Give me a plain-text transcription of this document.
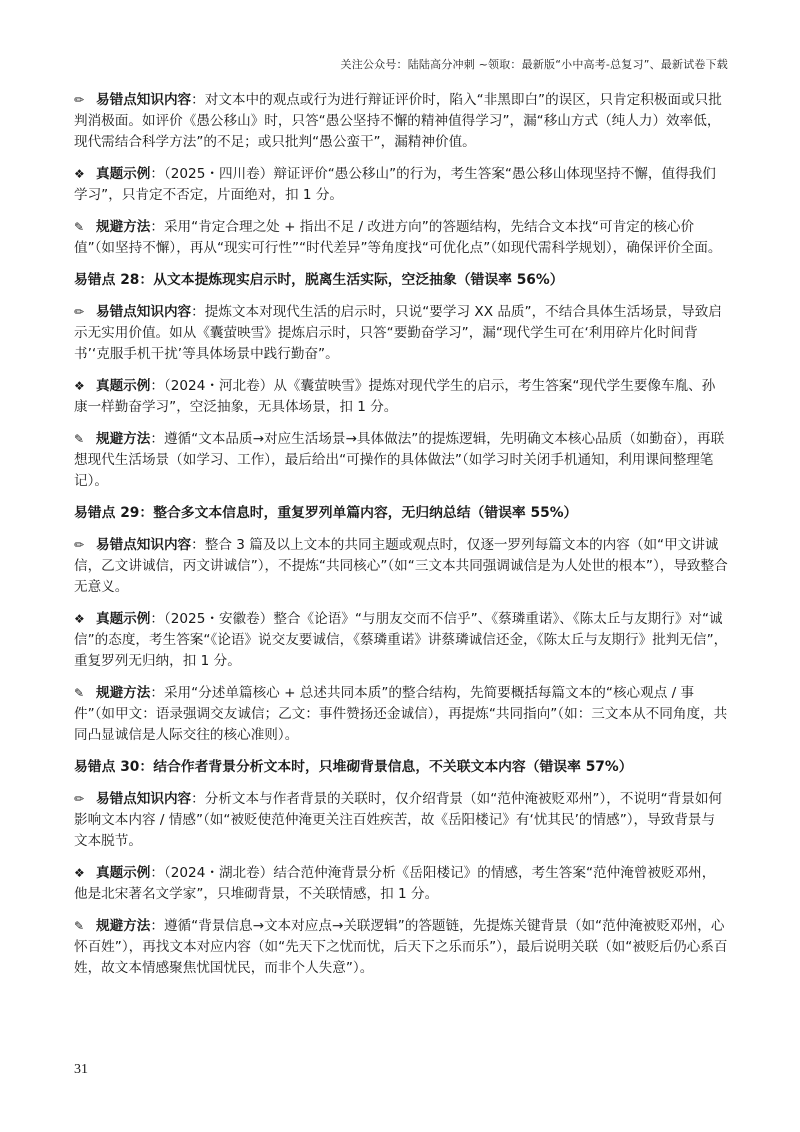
关注公众号：陆陆高分冲刺 ~领取：最新版“小中高考-总复习”、最新试卷下载

✏ 易错点知识内容：对文本中的观点或行为进行辩证评价时，陷入“非黑即白”的误区，只肯定积极面或只批判消极面。如评价《愚公移山》时，只答“愚公坚持不懈的精神值得学习”，漏“移山方式（纯人力）效率低，现代需结合科学方法”的不足；或只批判“愚公蛮干”，漏精神价值。

❖ 真题示例：（2025・四川卷）辩证评价“愚公移山”的行为，考生答案“愚公移山体现坚持不懈，值得我们学习”，只肯定不否定，片面绝对，扣 1 分。

✎ 规避方法：采用“肯定合理之处 + 指出不足 / 改进方向”的答题结构，先结合文本找“可肯定的核心价值”（如坚持不懈），再从“现实可行性”“时代差异”等角度找“可优化点”（如现代需科学规划），确保评价全面。

易错点 28：从文本提炼现实启示时，脱离生活实际，空泛抽象（错误率 56%）

✏ 易错点知识内容：提炼文本对现代生活的启示时，只说“要学习 XX 品质”，不结合具体生活场景，导致启示无实用价值。如从《囊萤映雪》提炼启示时，只答“要勤奋学习”，漏“现代学生可在‘利用碎片化时间背书’‘克服手机干扰’等具体场景中践行勤奋”。

❖ 真题示例：（2024・河北卷）从《囊萤映雪》提炼对现代学生的启示，考生答案“现代学生要像车胤、孙康一样勤奋学习”，空泛抽象，无具体场景，扣 1 分。

✎ 规避方法：遵循“文本品质→对应生活场景→具体做法”的提炼逻辑，先明确文本核心品质（如勤奋），再联想现代生活场景（如学习、工作），最后给出“可操作的具体做法”（如学习时关闭手机通知，利用课间整理笔记）。

易错点 29：整合多文本信息时，重复罗列单篇内容，无归纳总结（错误率 55%）

✏ 易错点知识内容：整合 3 篇及以上文本的共同主题或观点时，仅逐一罗列每篇文本的内容（如“甲文讲诚信，乙文讲诚信，丙文讲诚信”），不提炼“共同核心”（如“三文本共同强调诚信是为人处世的根本”），导致整合无意义。

❖ 真题示例：（2025・安徽卷）整合《论语》“与朋友交而不信乎”、《蔡璘重诺》、《陈太丘与友期行》对“诚信”的态度，考生答案“《论语》说交友要诚信，《蔡璘重诺》讲蔡璘诚信还金，《陈太丘与友期行》批判无信”，重复罗列无归纳，扣 1 分。

✎ 规避方法：采用“分述单篇核心 + 总述共同本质”的整合结构，先简要概括每篇文本的“核心观点 / 事件”（如甲文：语录强调交友诚信；乙文：事件赞扬还金诚信），再提炼“共同指向”（如：三文本从不同角度，共同凸显诚信是人际交往的核心准则）。

易错点 30：结合作者背景分析文本时，只堆砌背景信息，不关联文本内容（错误率 57%）

✏ 易错点知识内容：分析文本与作者背景的关联时，仅介绍背景（如“范仲淹被贬邓州”），不说明“背景如何影响文本内容 / 情感”（如“被贬使范仲淹更关注百姓疾苦，故《岳阳楼记》有‘忧其民’的情感”），导致背景与文本脱节。

❖ 真题示例：（2024・湖北卷）结合范仲淹背景分析《岳阳楼记》的情感，考生答案“范仲淹曾被贬邓州，他是北宋著名文学家”，只堆砌背景，不关联情感，扣 1 分。

✎ 规避方法：遵循“背景信息→文本对应点→关联逻辑”的答题链，先提炼关键背景（如“范仲淹被贬邓州，心怀百姓”），再找文本对应内容（如“先天下之忧而忧，后天下之乐而乐”），最后说明关联（如“被贬后仍心系百姓，故文本情感聚焦忧国忧民，而非个人失意”）。

31
